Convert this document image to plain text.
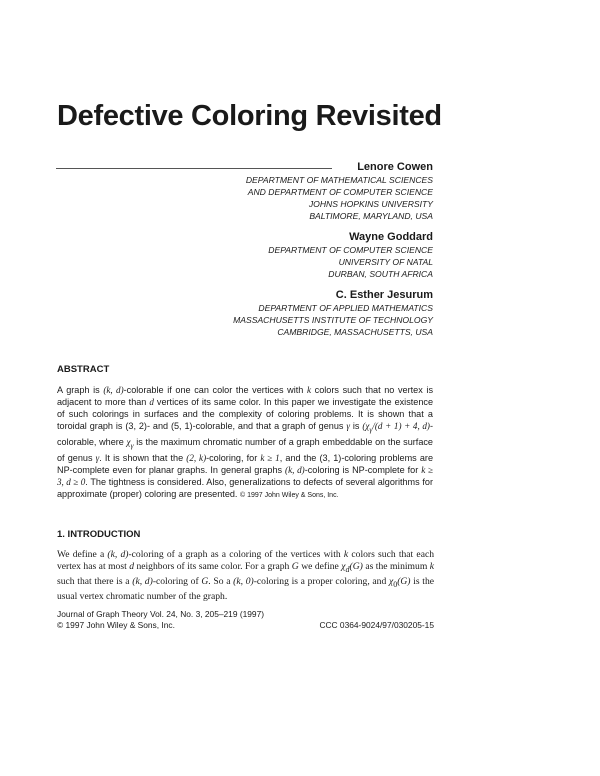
Defective Coloring Revisited
Lenore Cowen
DEPARTMENT OF MATHEMATICAL SCIENCES
AND DEPARTMENT OF COMPUTER SCIENCE
JOHNS HOPKINS UNIVERSITY
BALTIMORE, MARYLAND, USA
Wayne Goddard
DEPARTMENT OF COMPUTER SCIENCE
UNIVERSITY OF NATAL
DURBAN, SOUTH AFRICA
C. Esther Jesurum
DEPARTMENT OF APPLIED MATHEMATICS
MASSACHUSETTS INSTITUTE OF TECHNOLOGY
CAMBRIDGE, MASSACHUSETTS, USA
ABSTRACT

A graph is (k, d)-colorable if one can color the vertices with k colors such that no vertex is adjacent to more than d vertices of its same color. In this paper we investigate the existence of such colorings in surfaces and the complexity of coloring problems. It is shown that a toroidal graph is (3, 2)- and (5, 1)-colorable, and that a graph of genus γ is ($\chi_\gamma/(d + 1) + 4$, d)-colorable, where $\chi_\gamma$ is the maximum chromatic number of a graph embeddable on the surface of genus γ. It is shown that the (2, k)-coloring, for k ≥ 1, and the (3, 1)-coloring problems are NP-complete even for planar graphs. In general graphs (k, d)-coloring is NP-complete for k ≥ 3, d ≥ 0. The tightness is considered. Also, generalizations to defects of several algorithms for approximate (proper) coloring are presented. © 1997 John Wiley & Sons, Inc.

1. INTRODUCTION

We define a (k, d)-coloring of a graph as a coloring of the vertices with k colors such that each vertex has at most d neighbors of its same color. For a graph G we define $\chi_d(G)$ as the minimum k such that there is a (k, d)-coloring of G. So a (k, 0)-coloring is a proper coloring, and $\chi_0(G)$ is the usual vertex chromatic number of the graph.

Journal of Graph Theory Vol. 24, No. 3, 205–219 (1997)
© 1997 John Wiley & Sons, Inc.	CCC 0364-9024/97/030205-15
